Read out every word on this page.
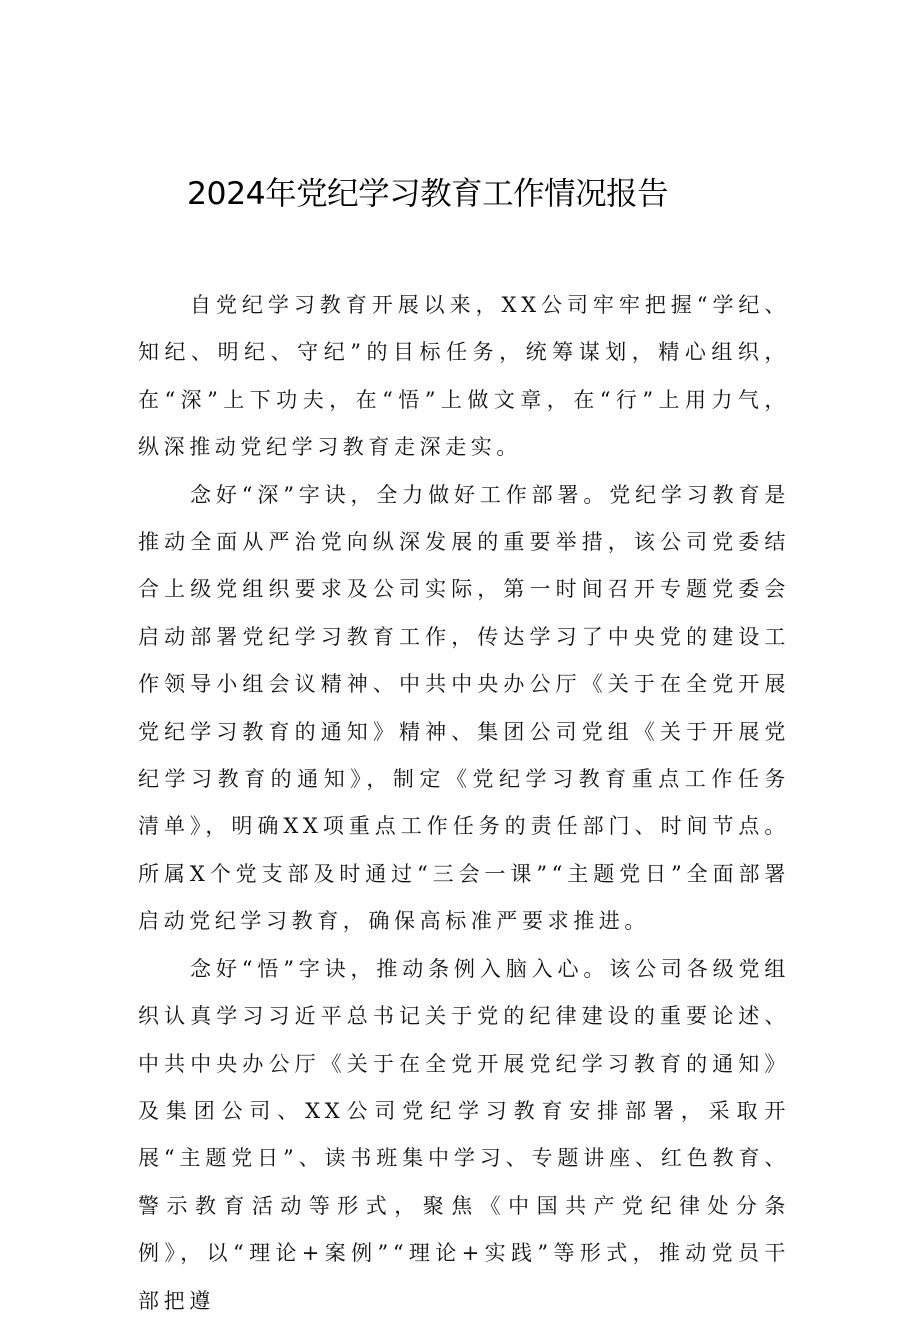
2024年党纪学习教育工作情况报告

自党纪学习教育开展以来，XX公司牢牢把握“学纪、知纪、明纪、守纪”的目标任务，统筹谋划，精心组织，在“深”上下功夫，在“悟”上做文章，在“行”上用力气，纵深推动党纪学习教育走深走实。

念好“深”字诀，全力做好工作部署。党纪学习教育是推动全面从严治党向纵深发展的重要举措，该公司党委结合上级党组织要求及公司实际，第一时间召开专题党委会启动部署党纪学习教育工作，传达学习了中央党的建设工作领导小组会议精神、中共中央办公厅《关于在全党开展党纪学习教育的通知》精神、集团公司党组《关于开展党纪学习教育的通知》，制定《党纪学习教育重点工作任务清单》，明确XX项重点工作任务的责任部门、时间节点。所属X个党支部及时通过“三会一课”“主题党日”全面部署启动党纪学习教育，确保高标准严要求推进。

念好“悟”字诀，推动条例入脑入心。该公司各级党组织认真学习习近平总书记关于党的纪律建设的重要论述、中共中央办公厅《关于在全党开展党纪学习教育的通知》及集团公司、XX公司党纪学习教育安排部署，采取开展“主题党日”、读书班集中学习、专题讲座、红色教育、警示教育活动等形式，聚焦《中国共产党纪律处分条例》，以“理论+案例”“理论+实践”等形式，推动党员干部把遵
